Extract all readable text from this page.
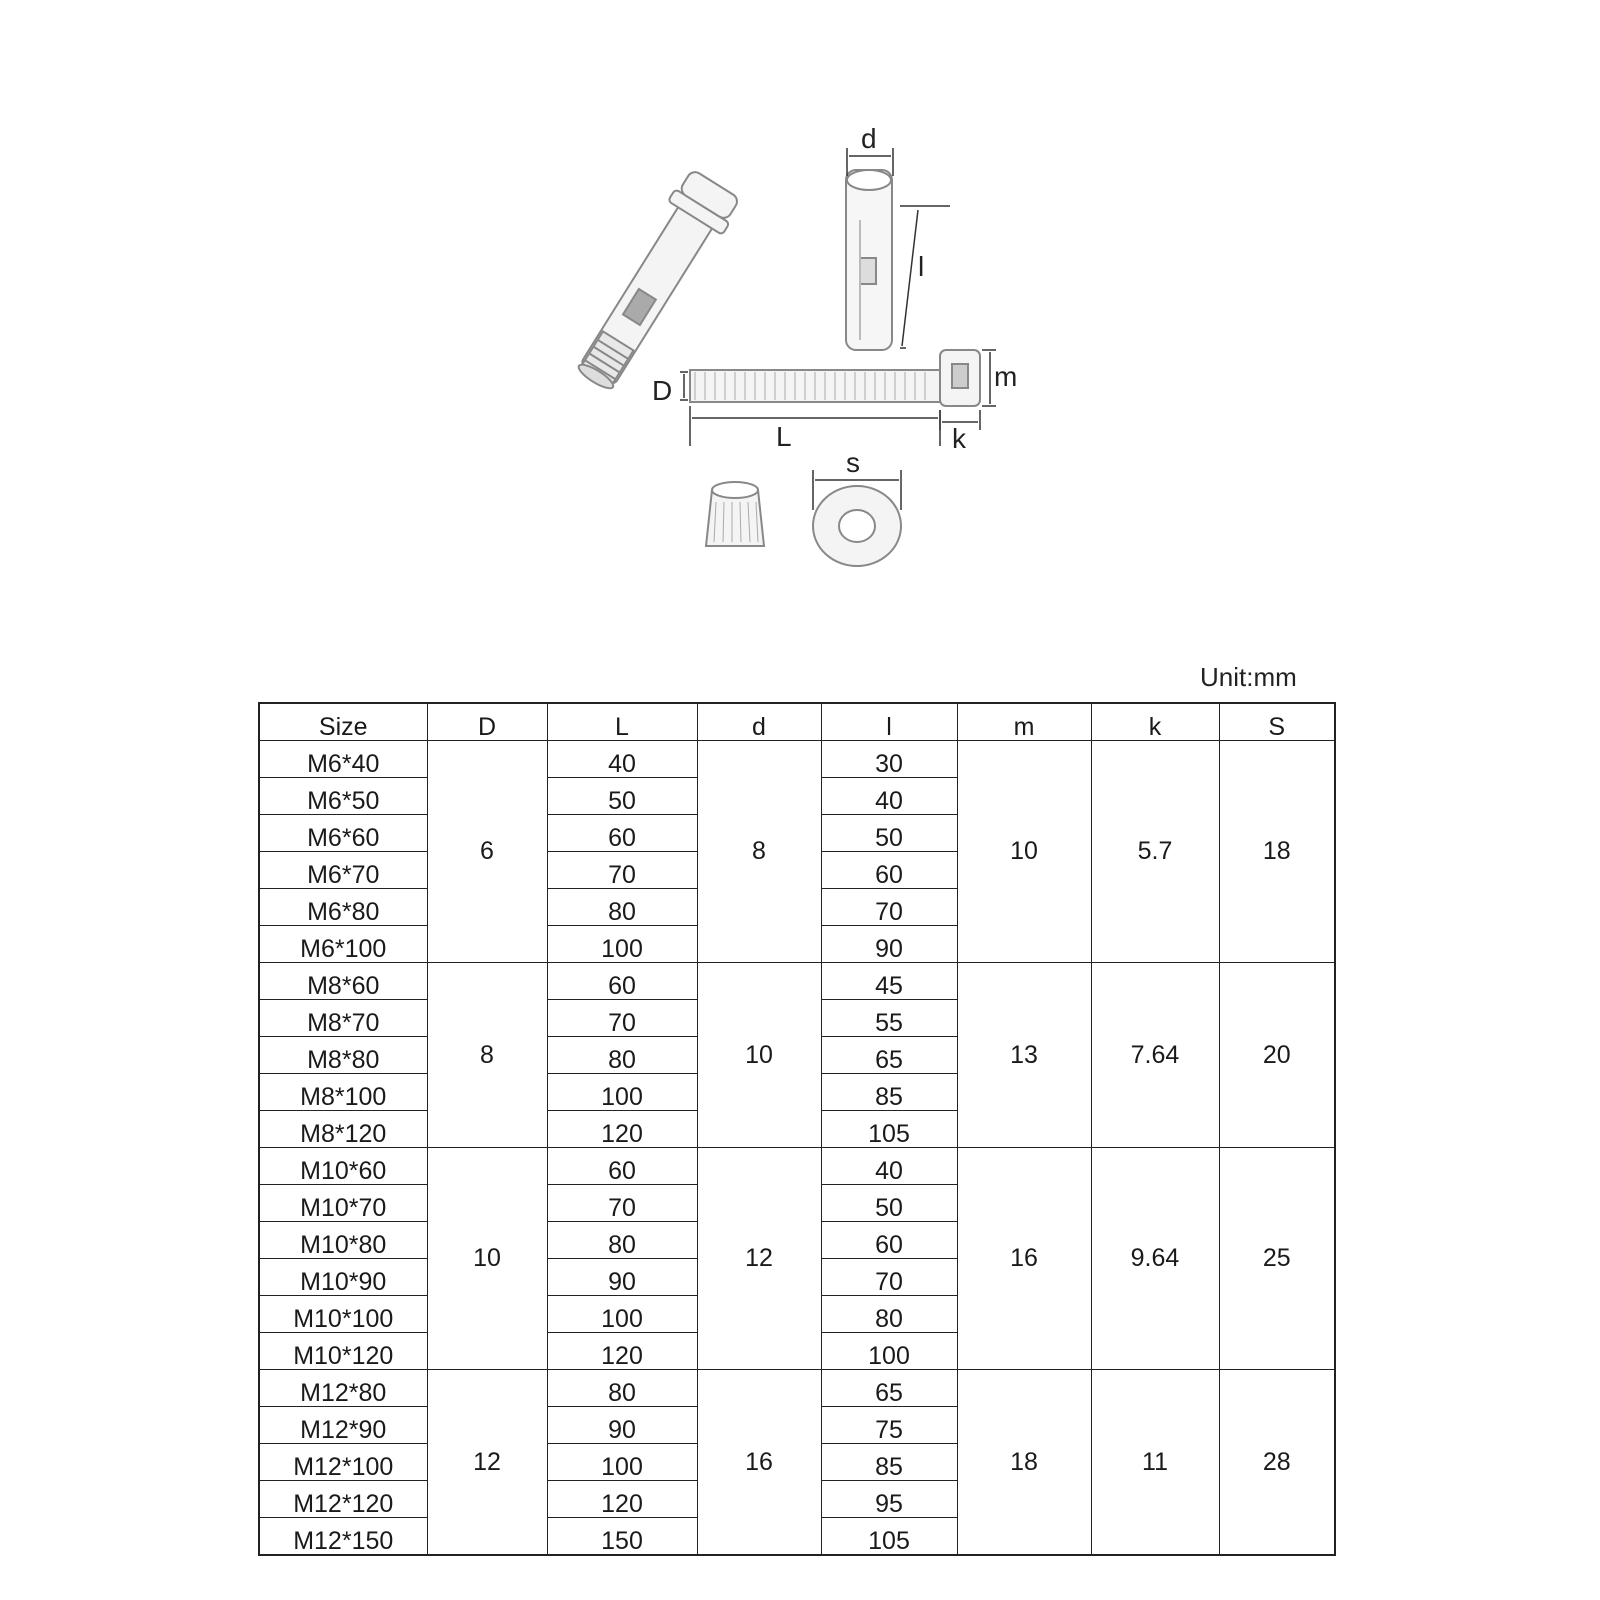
d
l
D	m
L	k
s
Unit:mm
Size	D	L	d	l	m	k	S
M6*40	6	40	8	30	10	5.7	18
M6*50		50		40			
M6*60		60		50			
M6*70		70		60			
M6*80		80		70			
M6*100		100		90			
M8*60	8	60	10	45	13	7.64	20
M8*70		70		55			
M8*80		80		65			
M8*100		100		85			
M8*120		120		105			
M10*60	10	60	12	40	16	9.64	25
M10*70		70		50			
M10*80		80		60			
M10*90		90		70			
M10*100		100		80			
M10*120		120		100			
M12*80	12	80	16	65	18	11	28
M12*90		90		75			
M12*100		100		85			
M12*120		120		95			
M12*150		150		105			
